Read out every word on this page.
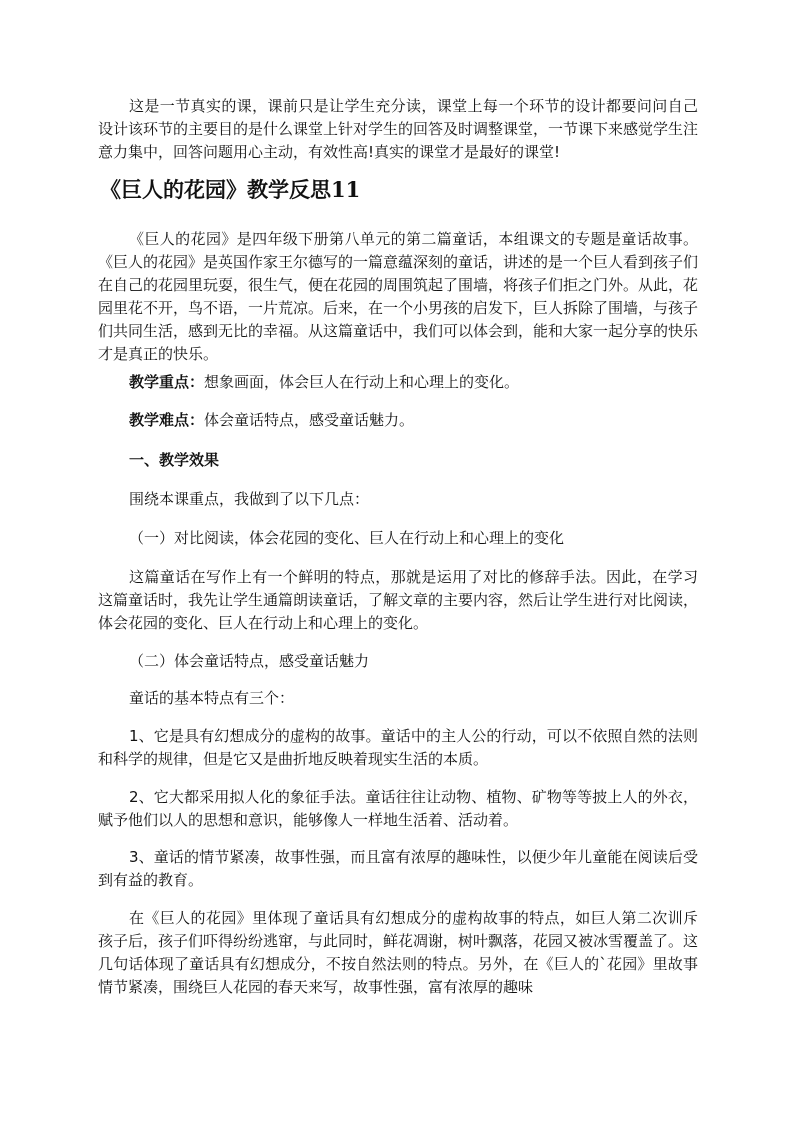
这是一节真实的课，课前只是让学生充分读，课堂上每一个环节的设计都要问问自己设计该环节的主要目的是什么课堂上针对学生的回答及时调整课堂，一节课下来感觉学生注意力集中，回答问题用心主动，有效性高!真实的课堂才是最好的课堂!

《巨人的花园》教学反思11

《巨人的花园》是四年级下册第八单元的第二篇童话，本组课文的专题是童话故事。《巨人的花园》是英国作家王尔德写的一篇意蕴深刻的童话，讲述的是一个巨人看到孩子们在自己的花园里玩耍，很生气，便在花园的周围筑起了围墙，将孩子们拒之门外。从此，花园里花不开，鸟不语，一片荒凉。后来，在一个小男孩的启发下，巨人拆除了围墙，与孩子们共同生活，感到无比的幸福。从这篇童话中，我们可以体会到，能和大家一起分享的快乐才是真正的快乐。

教学重点：想象画面，体会巨人在行动上和心理上的变化。

教学难点：体会童话特点，感受童话魅力。

一、教学效果

围绕本课重点，我做到了以下几点：

（一）对比阅读，体会花园的变化、巨人在行动上和心理上的变化

这篇童话在写作上有一个鲜明的特点，那就是运用了对比的修辞手法。因此，在学习这篇童话时，我先让学生通篇朗读童话，了解文章的主要内容，然后让学生进行对比阅读，体会花园的变化、巨人在行动上和心理上的变化。

（二）体会童话特点，感受童话魅力

童话的基本特点有三个：

1、它是具有幻想成分的虚构的故事。童话中的主人公的行动，可以不依照自然的法则和科学的规律，但是它又是曲折地反映着现实生活的本质。

2、它大都采用拟人化的象征手法。童话往往让动物、植物、矿物等等披上人的外衣，赋予他们以人的思想和意识，能够像人一样地生活着、活动着。

3、童话的情节紧凑，故事性强，而且富有浓厚的趣味性，以便少年儿童能在阅读后受到有益的教育。

在《巨人的花园》里体现了童话具有幻想成分的虚构故事的特点，如巨人第二次训斥孩子后，孩子们吓得纷纷逃窜，与此同时，鲜花凋谢，树叶飘落，花园又被冰雪覆盖了。这几句话体现了童话具有幻想成分，不按自然法则的特点。另外，在《巨人的`花园》里故事情节紧凑，围绕巨人花园的春天来写，故事性强，富有浓厚的趣味
